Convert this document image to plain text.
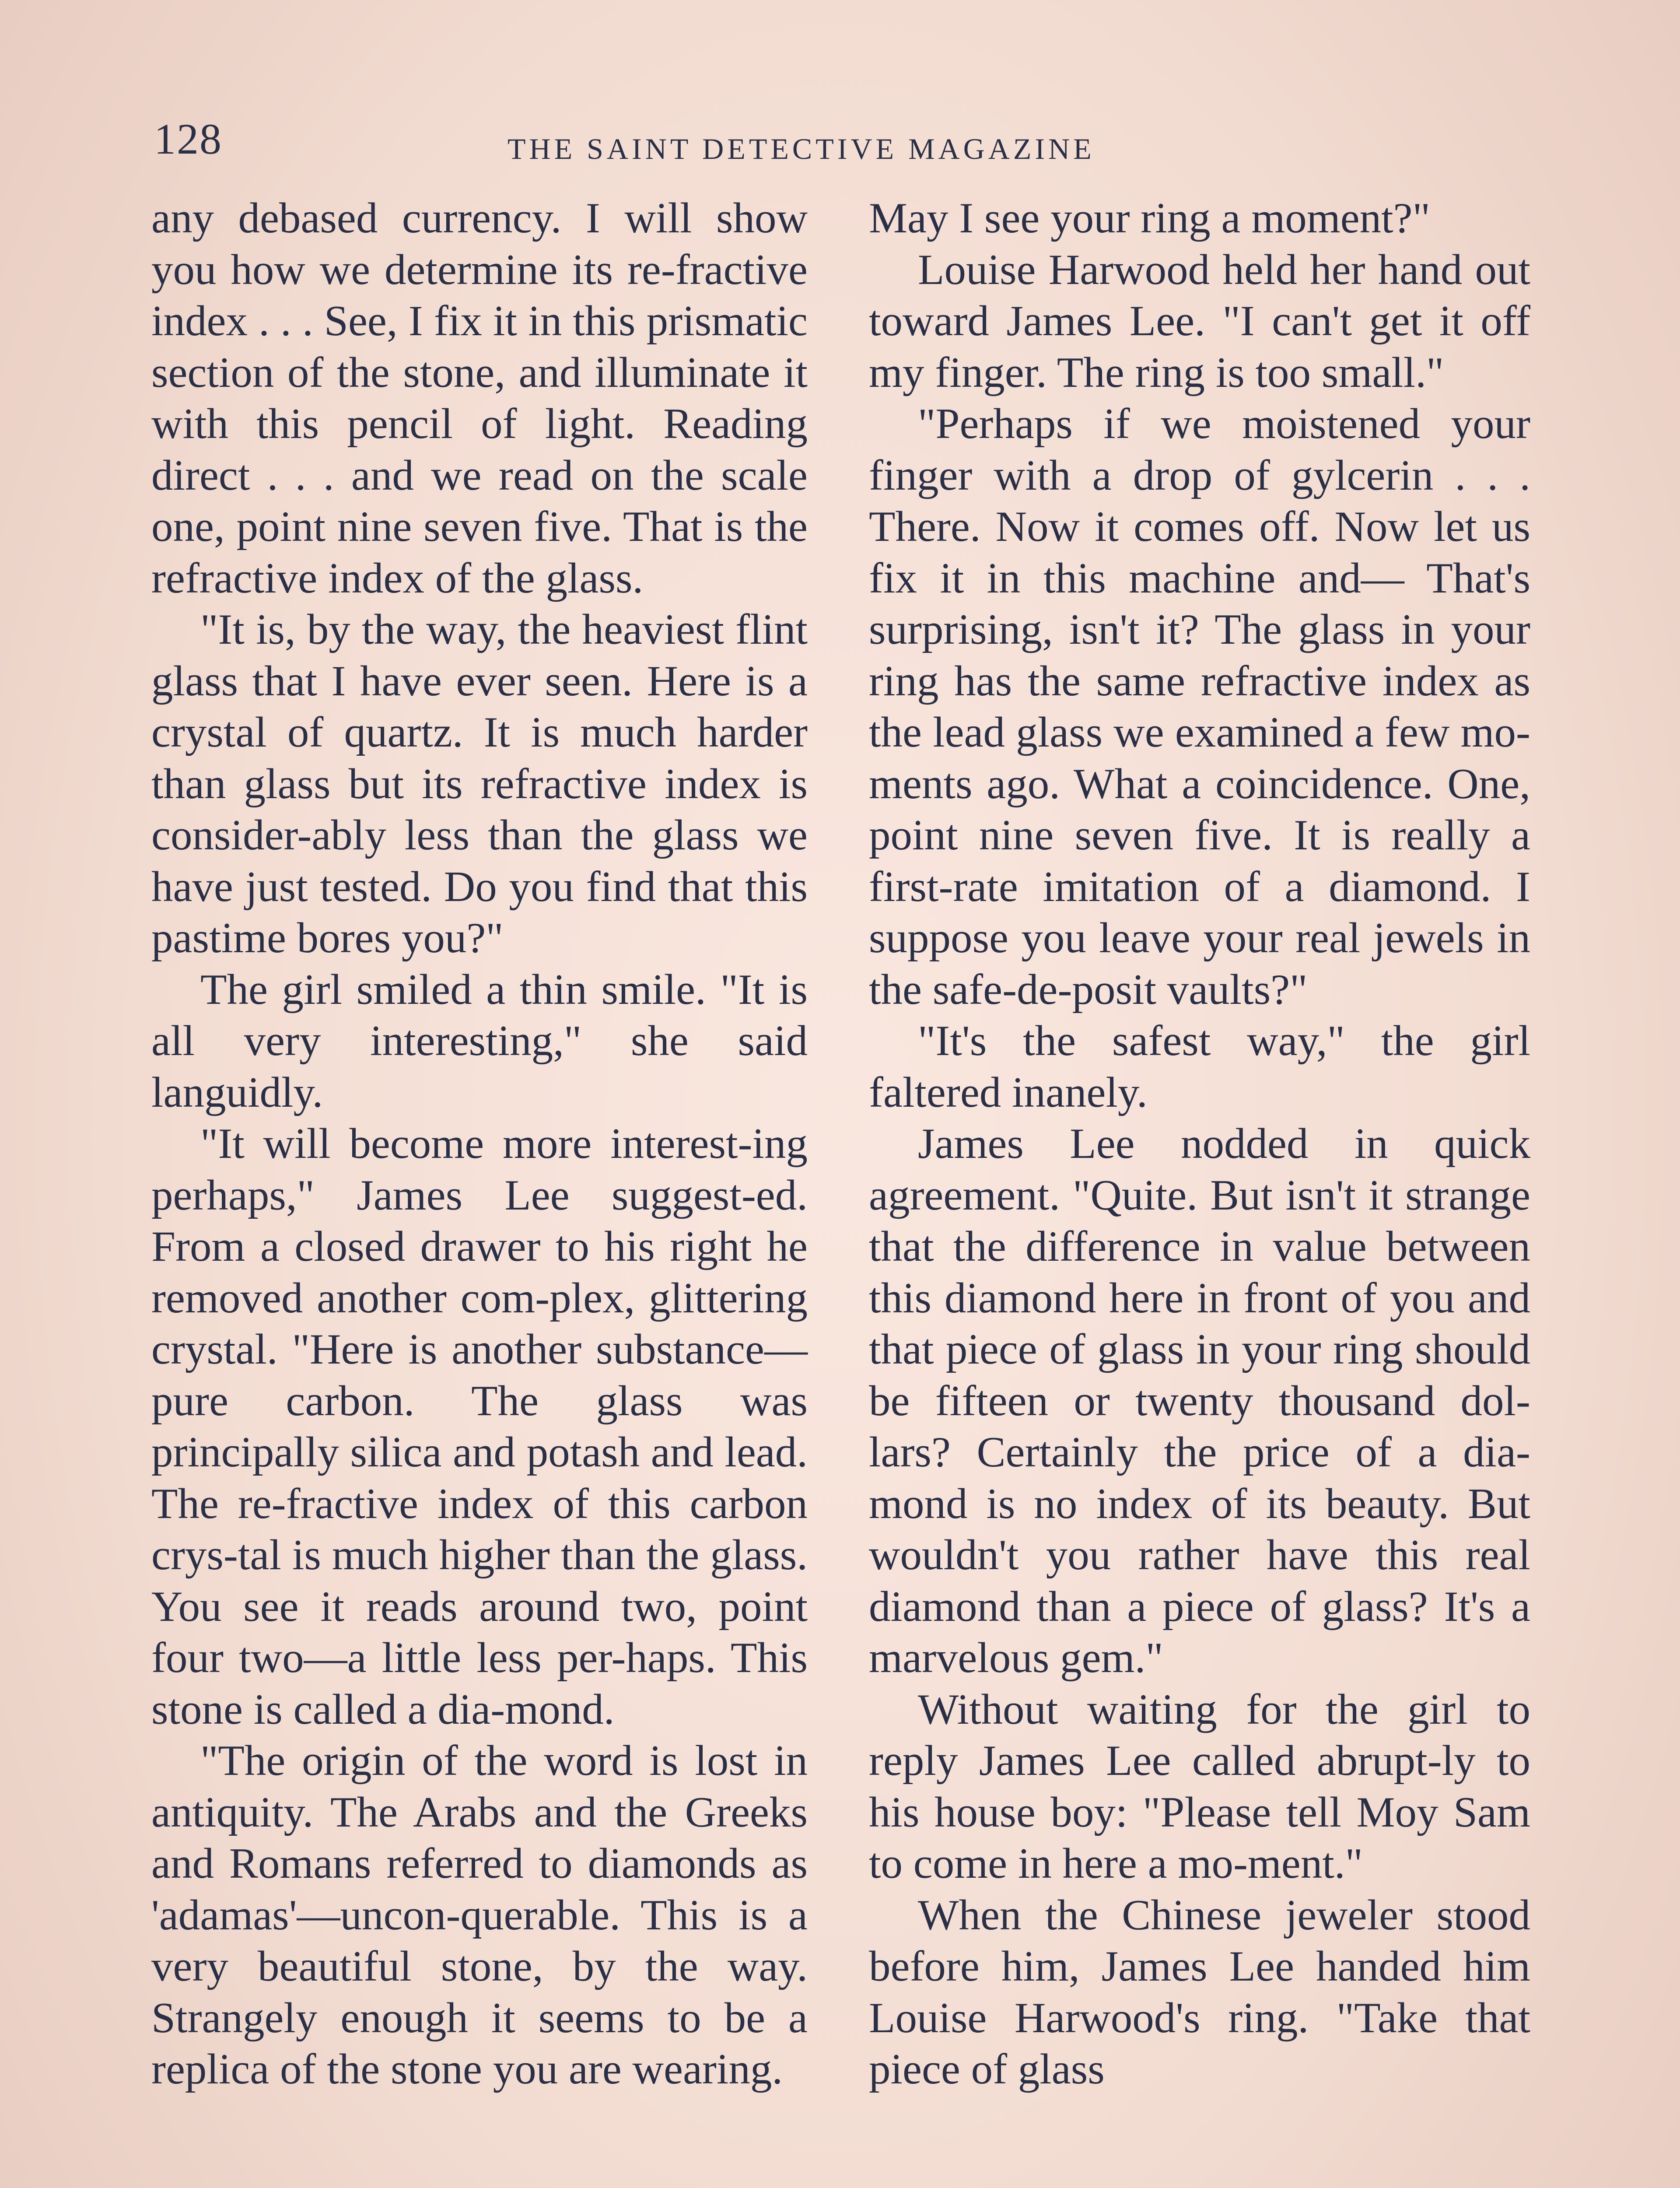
128	THE SAINT DETECTIVE MAGAZINE

any debased currency. I will show you how we determine its re-fractive index . . . See, I fix it in this prismatic section of the stone, and illuminate it with this pencil of light. Reading direct . . . and we read on the scale one, point nine seven five. That is the refractive index of the glass.

"It is, by the way, the heaviest flint glass that I have ever seen. Here is a crystal of quartz. It is much harder than glass but its refractive index is consider-ably less than the glass we have just tested. Do you find that this pastime bores you?"

The girl smiled a thin smile. "It is all very interesting," she said languidly.

"It will become more interest-ing perhaps," James Lee suggest-ed. From a closed drawer to his right he removed another com-plex, glittering crystal. "Here is another substance—pure carbon. The glass was principally silica and potash and lead. The re-fractive index of this carbon crys-tal is much higher than the glass. You see it reads around two, point four two—a little less per-haps. This stone is called a dia-mond.

"The origin of the word is lost in antiquity. The Arabs and the Greeks and Romans referred to diamonds as 'adamas'—uncon-querable. This is a very beautiful stone, by the way. Strangely enough it seems to be a replica of the stone you are wearing.

May I see your ring a moment?"

Louise Harwood held her hand out toward James Lee. "I can't get it off my finger. The ring is too small."

"Perhaps if we moistened your finger with a drop of gylcerin . . . There. Now it comes off. Now let us fix it in this machine and— That's surprising, isn't it? The glass in your ring has the same refractive index as the lead glass we examined a few mo-ments ago. What a coincidence. One, point nine seven five. It is really a first-rate imitation of a diamond. I suppose you leave your real jewels in the safe-de-posit vaults?"

"It's the safest way," the girl faltered inanely.

James Lee nodded in quick agreement. "Quite. But isn't it strange that the difference in value between this diamond here in front of you and that piece of glass in your ring should be fifteen or twenty thousand dol-lars? Certainly the price of a dia-mond is no index of its beauty. But wouldn't you rather have this real diamond than a piece of glass? It's a marvelous gem."

Without waiting for the girl to reply James Lee called abrupt-ly to his house boy: "Please tell Moy Sam to come in here a mo-ment."

When the Chinese jeweler stood before him, James Lee handed him Louise Harwood's ring. "Take that piece of glass
